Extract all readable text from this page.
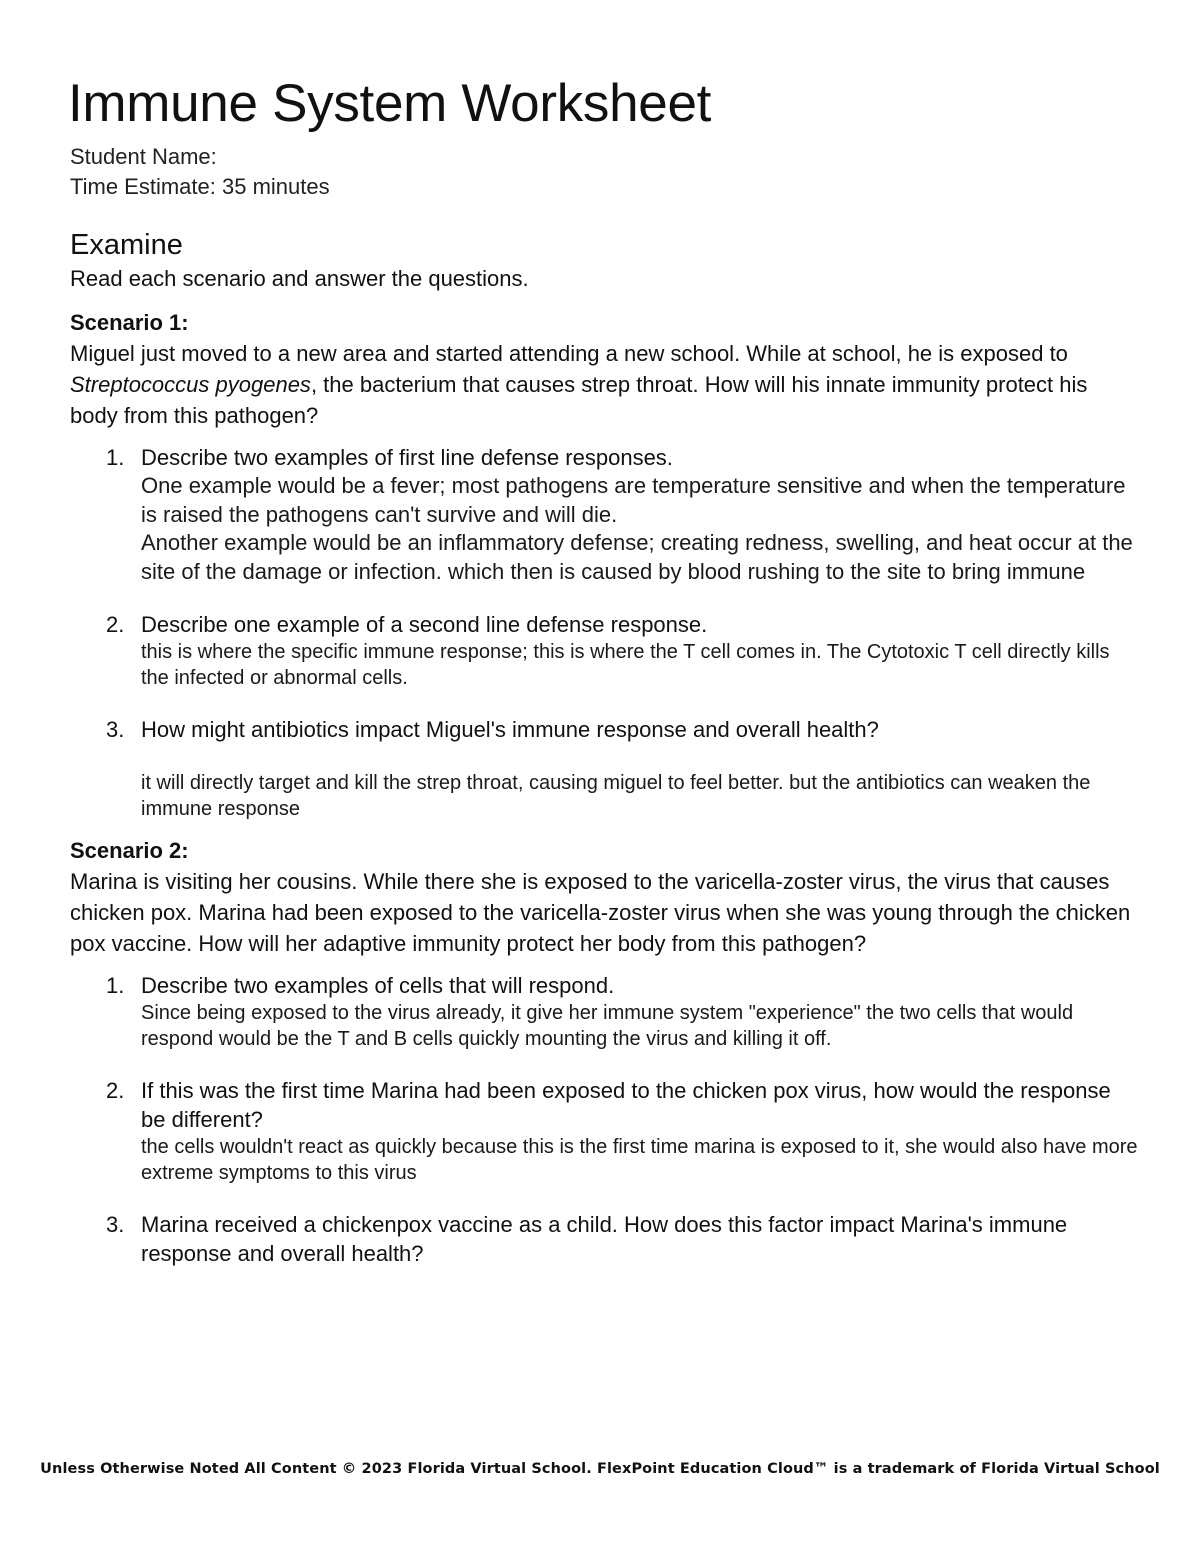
Immune System Worksheet
Student Name:
Time Estimate: 35 minutes
Examine
Read each scenario and answer the questions.
Scenario 1:

Miguel just moved to a new area and started attending a new school. While at school, he is exposed to Streptococcus pyogenes, the bacterium that causes strep throat. How will his innate immunity protect his body from this pathogen?

1. Describe two examples of first line defense responses.
One example would be a fever; most pathogens are temperature sensitive and when the temperature is raised the pathogens can't survive and will die.
Another example would be an inflammatory defense; creating redness, swelling, and heat occur at the site of the damage or infection. which then is caused by blood rushing to the site to bring immune
2. Describe one example of a second line defense response.
this is where the specific immune response; this is where the T cell comes in. The Cytotoxic T cell directly kills the infected or abnormal cells.
3. How might antibiotics impact Miguel's immune response and overall health?
it will directly target and kill the strep throat, causing miguel to feel better. but the antibiotics can weaken the immune response
Scenario 2:

Marina is visiting her cousins. While there she is exposed to the varicella-zoster virus, the virus that causes chicken pox. Marina had been exposed to the varicella-zoster virus when she was young through the chicken pox vaccine. How will her adaptive immunity protect her body from this pathogen?

1. Describe two examples of cells that will respond.
Since being exposed to the virus already, it give her immune system "experience" the two cells that would respond would be the T and B cells quickly mounting the virus and killing it off.
2. If this was the first time Marina had been exposed to the chicken pox virus, how would the response be different?
the cells wouldn't react as quickly because this is the first time marina is exposed to it, she would also have more extreme symptoms to this virus
3. Marina received a chickenpox vaccine as a child. How does this factor impact Marina's immune response and overall health?
Unless Otherwise Noted All Content © 2023 Florida Virtual School. FlexPoint Education Cloud™ is a trademark of Florida Virtual School
